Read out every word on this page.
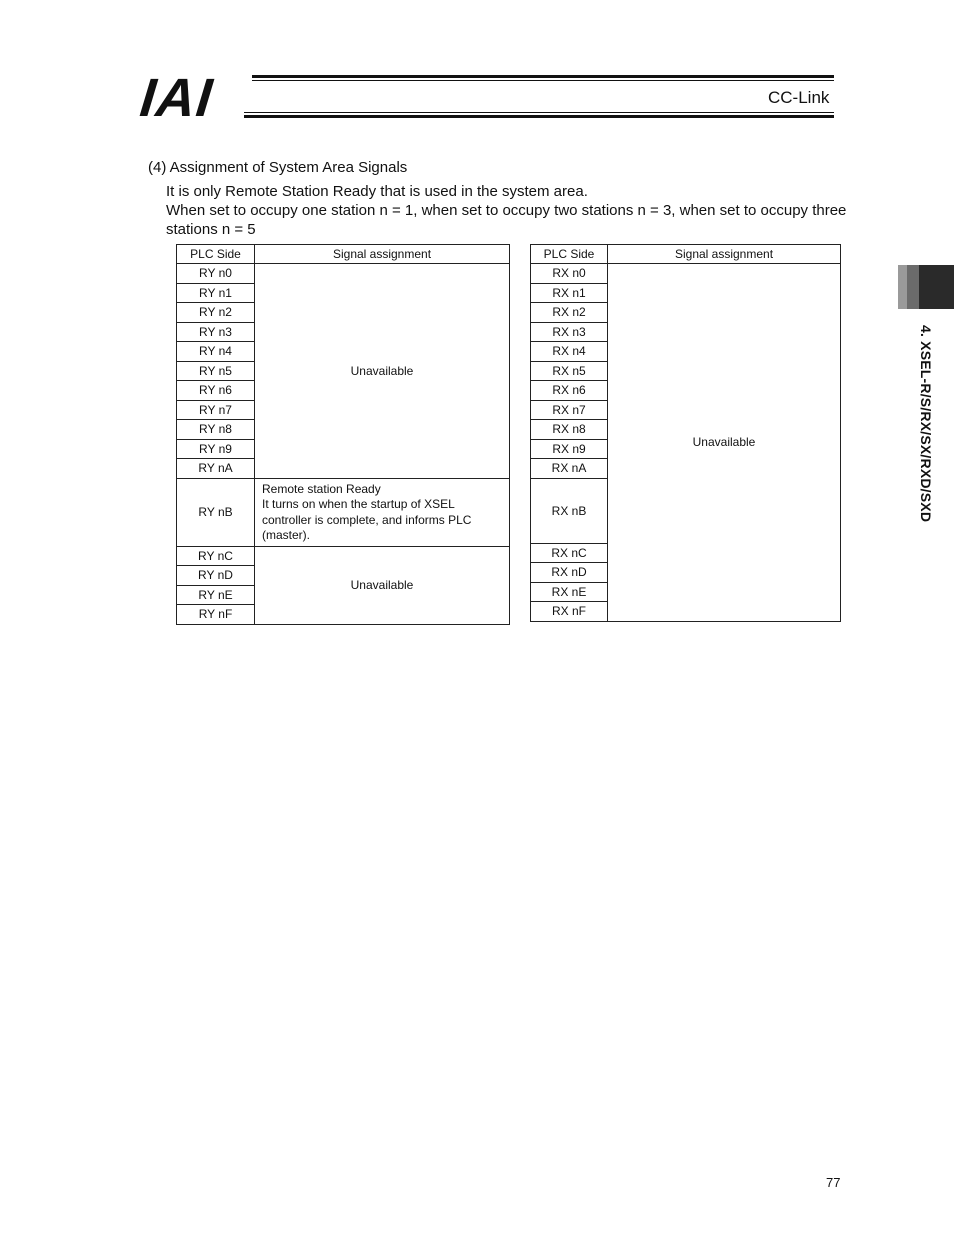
IAI	CC-Link
(4) Assignment of System Area Signals
It is only Remote Station Ready that is used in the system area.
When set to occupy one station n = 1, when set to occupy two stations n = 3, when set to occupy three stations n = 5
PLC Side	Signal assignment
RY n0	Unavailable
RY n1	
RY n2	
RY n3	
RY n4	
RY n5	
RY n6	
RY n7	
RY n8	
RY n9	
RY nA	
RY nB	Remote station Ready
It turns on when the startup of XSEL controller is complete, and informs PLC (master).

RY nC	Unavailable
RY nD	
RY nE	
RY nF	
PLC Side	Signal assignment
RX n0	Unavailable
RX n1	
RX n2	
RX n3	
RX n4	
RX n5	
RX n6	
RX n7	
RX n8	
RX n9	
RX nA	
RX nB	
RX nC	
RX nD	
RX nE	
RX nF	
4. XSEL-R/S/RX/SX/RXD/SXD
77
